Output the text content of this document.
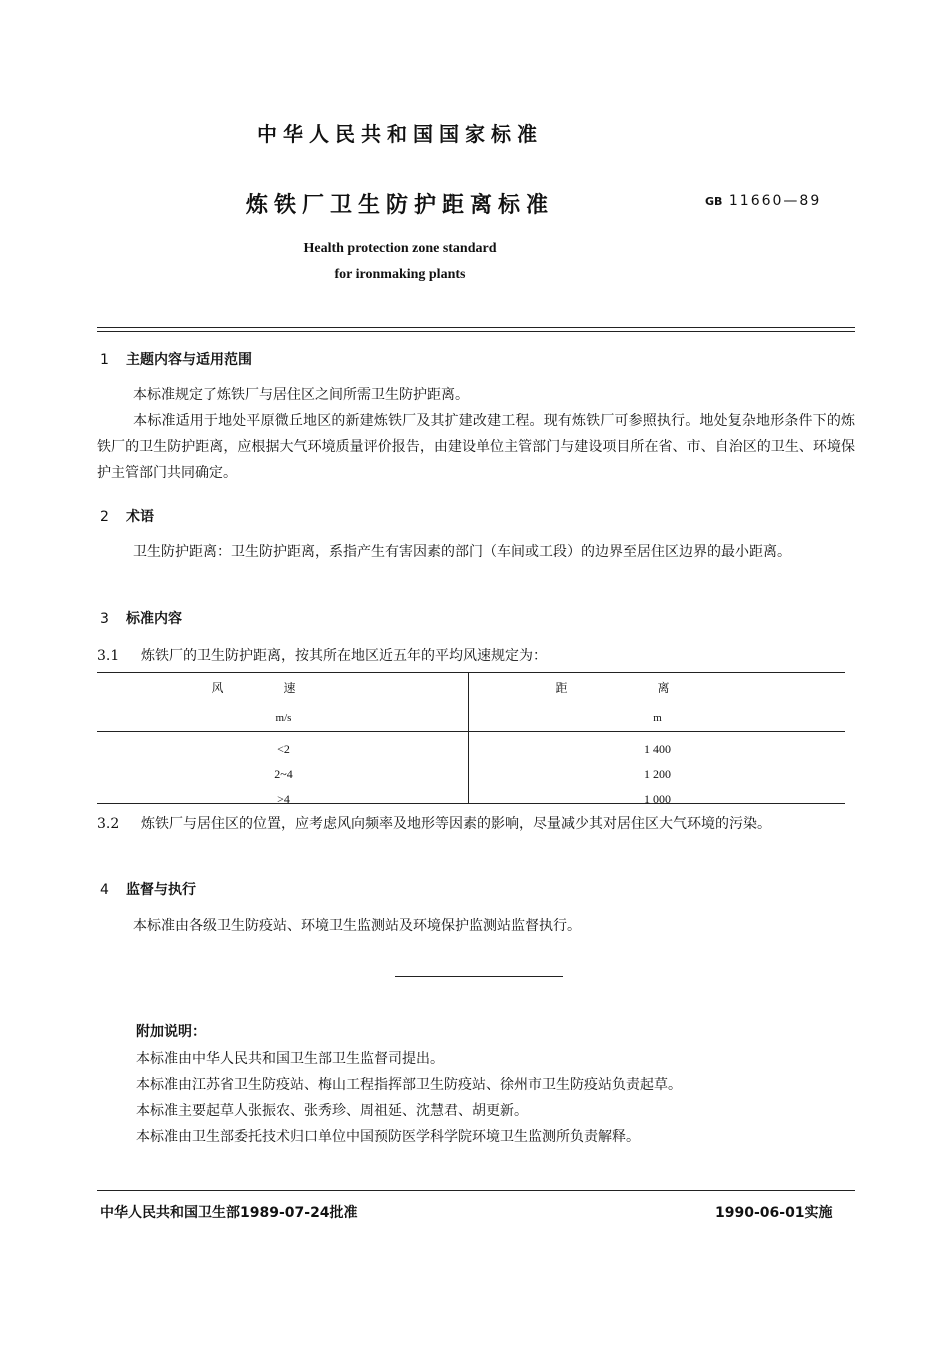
中华人民共和国国家标准
炼铁厂卫生防护距离标准	GB 11660—89
Health protection zone standard
for ironmaking plants
1 主题内容与适用范围
本标准规定了炼铁厂与居住区之间所需卫生防护距离。
本标准适用于地处平原微丘地区的新建炼铁厂及其扩建改建工程。现有炼铁厂可参照执行。地处复杂地形条件下的炼铁厂的卫生防护距离，应根据大气环境质量评价报告，由建设单位主管部门与建设项目所在省、市、自治区的卫生、环境保护主管部门共同确定。
2 术语
卫生防护距离：卫生防护距离，系指产生有害因素的部门（车间或工段）的边界至居住区边界的最小距离。
3 标准内容
3.1 炼铁厂的卫生防护距离，按其所在地区近五年的平均风速规定为：
风速	距离
m/s	m
<2	1 400
2~4	1 200
>4	1 000
3.2 炼铁厂与居住区的位置，应考虑风向频率及地形等因素的影响，尽量减少其对居住区大气环境的污染。
4 监督与执行
本标准由各级卫生防疫站、环境卫生监测站及环境保护监测站监督执行。
附加说明：
本标准由中华人民共和国卫生部卫生监督司提出。
本标准由江苏省卫生防疫站、梅山工程指挥部卫生防疫站、徐州市卫生防疫站负责起草。
本标准主要起草人张振农、张秀珍、周祖延、沈慧君、胡更新。
本标准由卫生部委托技术归口单位中国预防医学科学院环境卫生监测所负责解释。
中华人民共和国卫生部1989-07-24批准	1990-06-01实施
